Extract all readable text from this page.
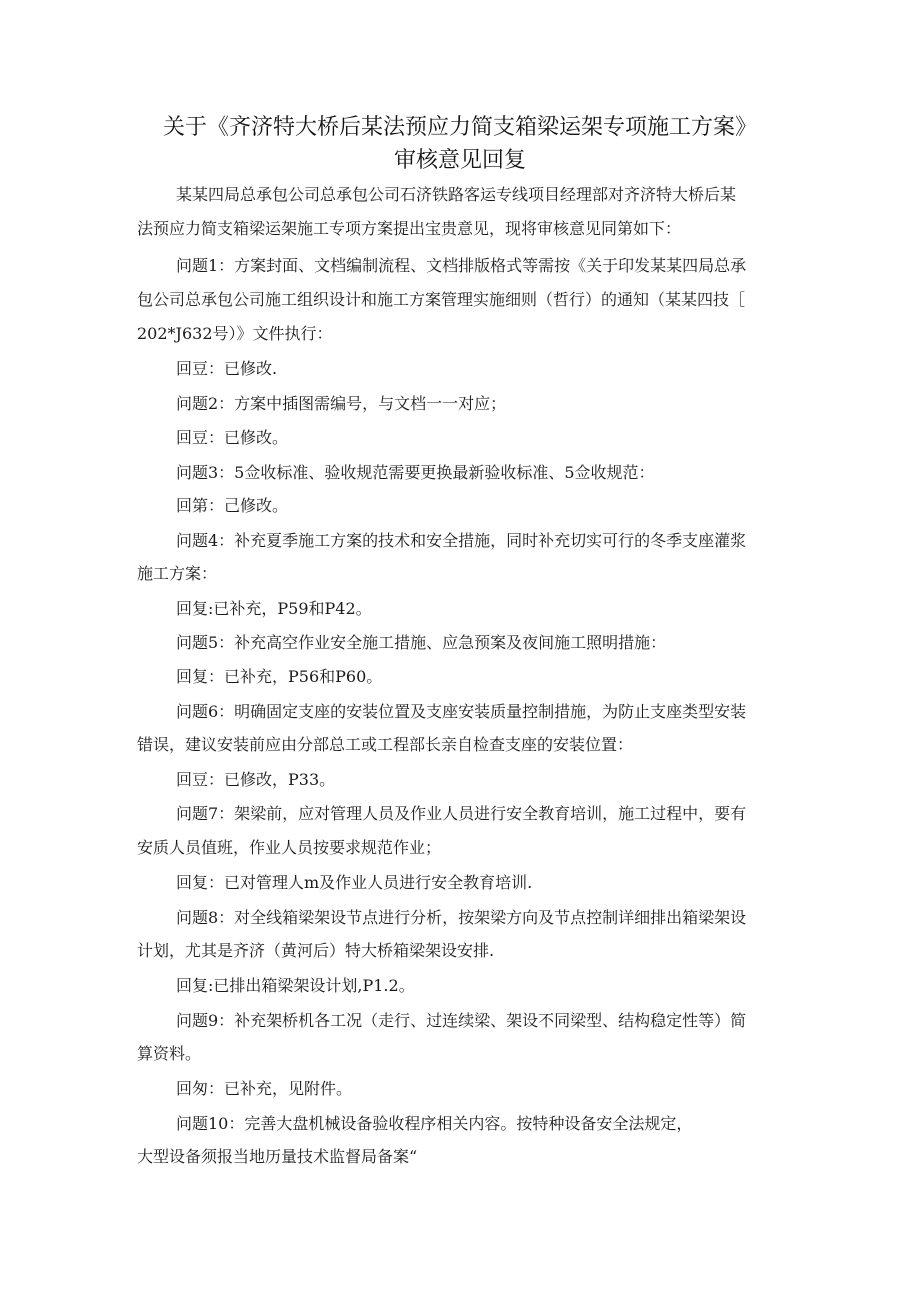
关于《齐济特大桥后某法预应力简支箱梁运架专项施工方案》
审核意见回复
某某四局总承包公司总承包公司石济铁路客运专线项目经理部对齐济特大桥后某
法预应力简支箱梁运架施工专项方案提出宝贵意见，现将审核意见同第如下：
问题1：方案封面、文档编制流程、文档排版格式等需按《关于印发某某四局总承
包公司总承包公司施工组织设计和施工方案管理实施细则（哲行）的通知（某某四技［
202*J632号）》文件执行：
回豆：已修改.
问题2：方案中插图需编号，与文档一一对应；
回豆：已修改。
问题3：5佥收标准、验收规范需要更换最新验收标准、5佥收规范：
回第：己修改。
问题4：补充夏季施工方案的技术和安全措施，同时补充切实可行的冬季支座灌浆
施工方案：
回复:已补充，P59和P42。
问题5：补充高空作业安全施工措施、应急预案及夜间施工照明措施：
回复：已补充，P56和P60。
问题6：明确固定支座的安装位置及支座安装质量控制措施，为防止支座类型安装
错误，建议安装前应由分部总工或工程部长亲自检查支座的安装位置：
回豆：已修改，P33。
问题7：架梁前，应对管理人员及作业人员进行安全教育培训，施工过程中，要有
安质人员值班，作业人员按要求规范作业；
回复：已对管理人m及作业人员进行安全教育培训.
问题8：对全线箱梁架设节点进行分析，按架梁方向及节点控制详细排出箱梁架设
计划，尤其是齐济（黄河后）特大桥箱梁架设安排.
回复:已排出箱梁架设计划,P1.2。
问题9：补充架桥机各工况（走行、过连续梁、架设不同梁型、结构稳定性等）简
算资料。
回匆：已补充，见附件。
问题10：完善大盘机械设备验收程序相关内容。按特种设备安全法规定，
大型设备须报当地历量技术监督局备案“
